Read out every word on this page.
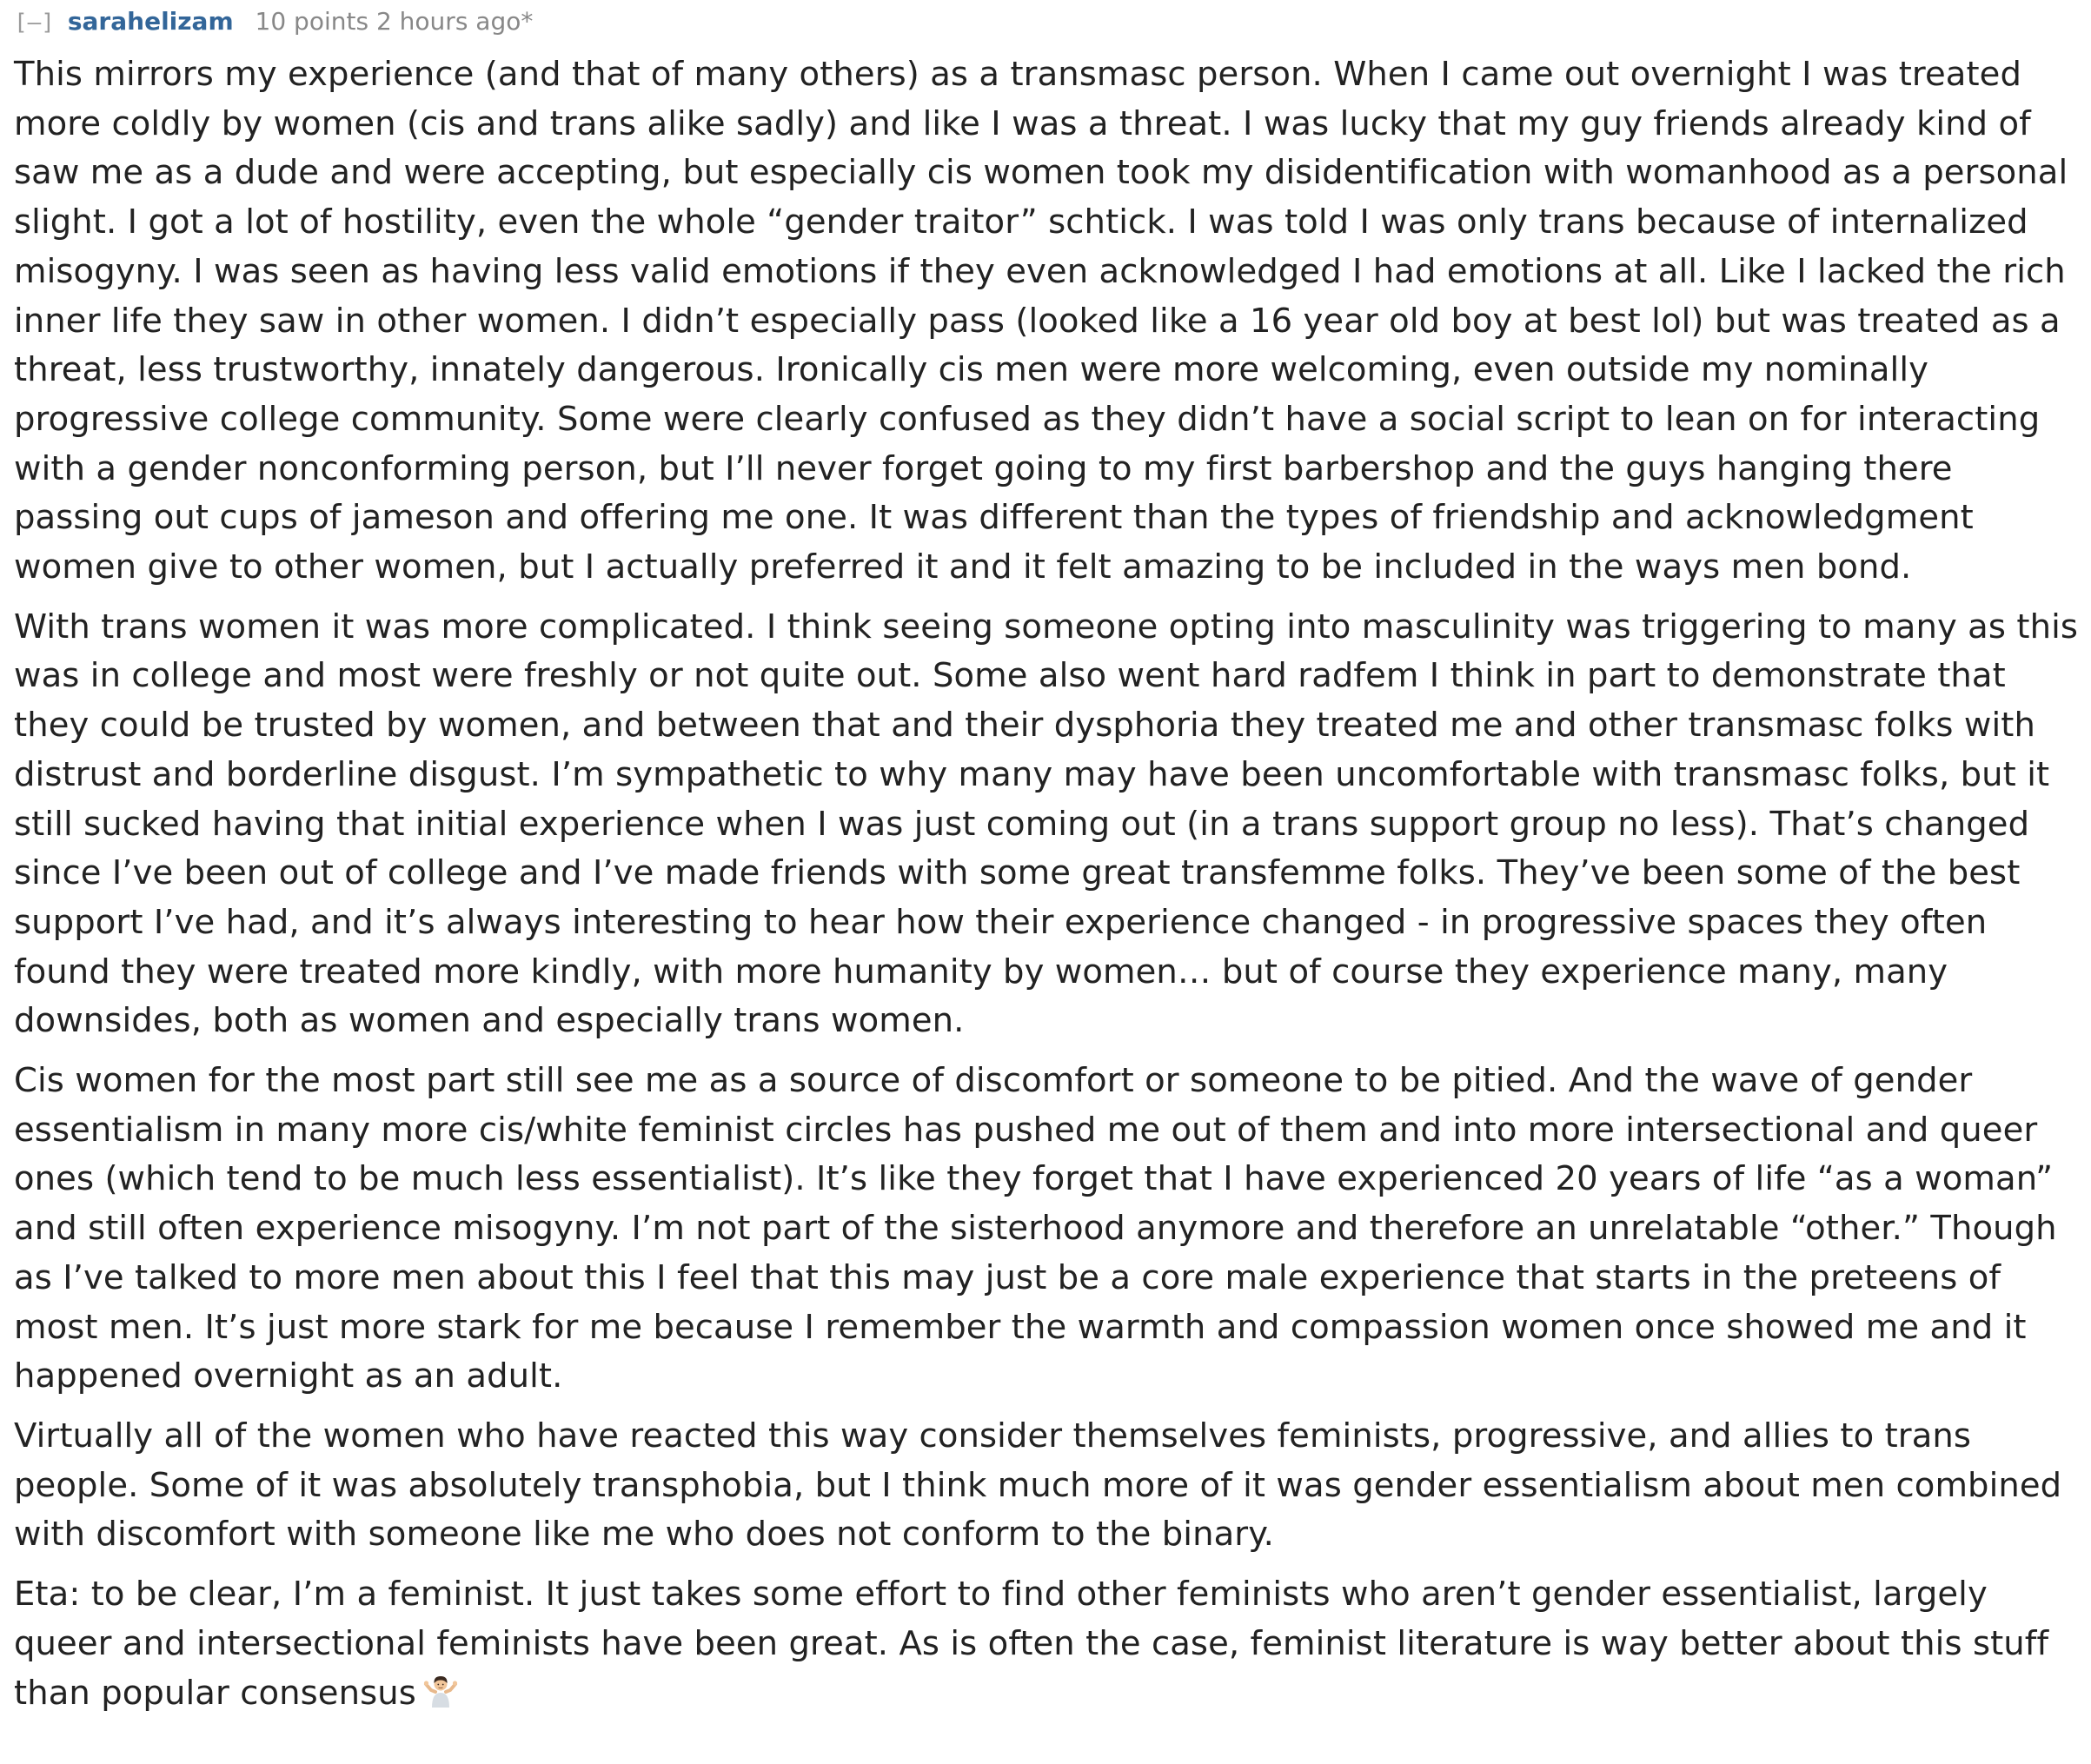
[–] sarahelizam 10 points 2 hours ago*

This mirrors my experience (and that of many others) as a transmasc person. When I came out overnight I was treated more coldly by women (cis and trans alike sadly) and like I was a threat. I was lucky that my guy friends already kind of saw me as a dude and were accepting, but especially cis women took my disidentification with womanhood as a personal slight. I got a lot of hostility, even the whole “gender traitor” schtick. I was told I was only trans because of internalized misogyny. I was seen as having less valid emotions if they even acknowledged I had emotions at all. Like I lacked the rich inner life they saw in other women. I didn’t especially pass (looked like a 16 year old boy at best lol) but was treated as a threat, less trustworthy, innately dangerous. Ironically cis men were more welcoming, even outside my nominally progressive college community. Some were clearly confused as they didn’t have a social script to lean on for interacting with a gender nonconforming person, but I’ll never forget going to my first barbershop and the guys hanging there passing out cups of jameson and offering me one. It was different than the types of friendship and acknowledgment women give to other women, but I actually preferred it and it felt amazing to be included in the ways men bond.

With trans women it was more complicated. I think seeing someone opting into masculinity was triggering to many as this was in college and most were freshly or not quite out. Some also went hard radfem I think in part to demonstrate that they could be trusted by women, and between that and their dysphoria they treated me and other transmasc folks with distrust and borderline disgust. I’m sympathetic to why many may have been uncomfortable with transmasc folks, but it still sucked having that initial experience when I was just coming out (in a trans support group no less). That’s changed since I’ve been out of college and I’ve made friends with some great transfemme folks. They’ve been some of the best support I’ve had, and it’s always interesting to hear how their experience changed - in progressive spaces they often found they were treated more kindly, with more humanity by women… but of course they experience many, many downsides, both as women and especially trans women.

Cis women for the most part still see me as a source of discomfort or someone to be pitied. And the wave of gender essentialism in many more cis/white feminist circles has pushed me out of them and into more intersectional and queer ones (which tend to be much less essentialist). It’s like they forget that I have experienced 20 years of life “as a woman” and still often experience misogyny. I’m not part of the sisterhood anymore and therefore an unrelatable “other.” Though as I’ve talked to more men about this I feel that this may just be a core male experience that starts in the preteens of most men. It’s just more stark for me because I remember the warmth and compassion women once showed me and it happened overnight as an adult.

Virtually all of the women who have reacted this way consider themselves feminists, progressive, and allies to trans people. Some of it was absolutely transphobia, but I think much more of it was gender essentialism about men combined with discomfort with someone like me who does not conform to the binary.

Eta: to be clear, I’m a feminist. It just takes some effort to find other feminists who aren’t gender essentialist, largely queer and intersectional feminists have been great. As is often the case, feminist literature is way better about this stuff than popular consensus
